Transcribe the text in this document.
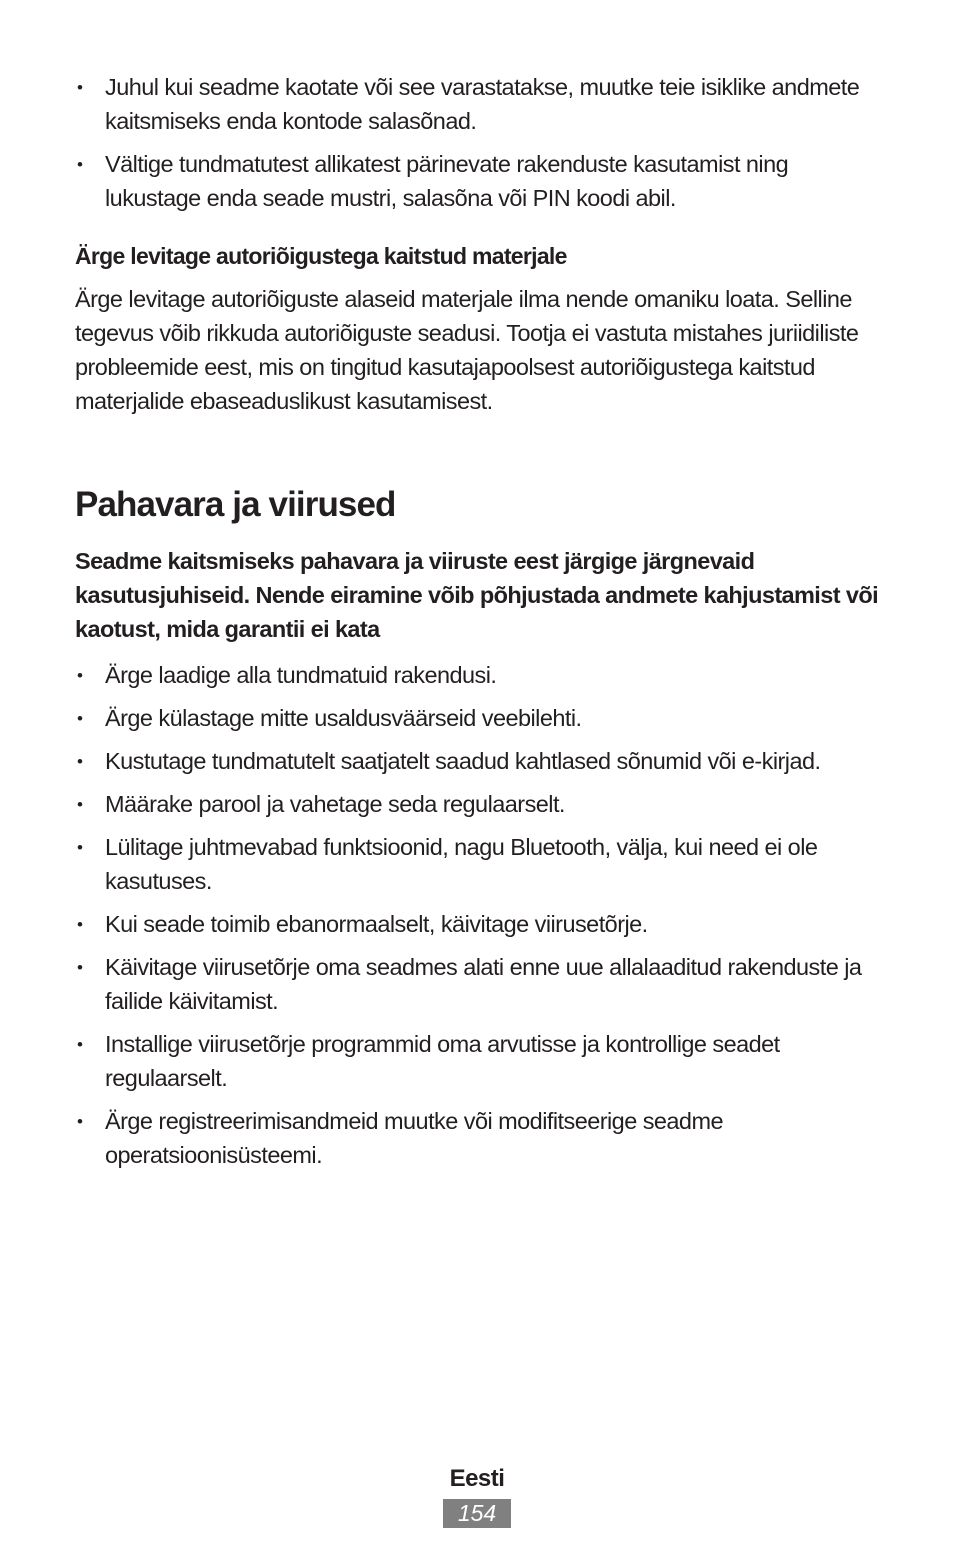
• Juhul kui seadme kaotate või see varastatakse, muutke teie isiklike andmete kaitsmiseks enda kontode salasõnad.
• Vältige tundmatutest allikatest pärinevate rakenduste kasutamist ning lukustage enda seade mustri, salasõna või PIN koodi abil.
Ärge levitage autoriõigustega kaitstud materjale

Ärge levitage autoriõiguste alaseid materjale ilma nende omaniku loata. Selline tegevus võib rikkuda autoriõiguste seadusi. Tootja ei vastuta mistahes juriidiliste probleemide eest, mis on tingitud kasutajapoolsest autoriõigustega kaitstud materjalide ebaseaduslikust kasutamisest.

Pahavara ja viirused

Seadme kaitsmiseks pahavara ja viiruste eest järgige järgnevaid kasutusjuhiseid. Nende eiramine võib põhjustada andmete kahjustamist või kaotust, mida garantii ei kata

• Ärge laadige alla tundmatuid rakendusi.
• Ärge külastage mitte usaldusväärseid veebilehti.
• Kustutage tundmatutelt saatjatelt saadud kahtlased sõnumid või e-kirjad.
• Määrake parool ja vahetage seda regulaarselt.
• Lülitage juhtmevabad funktsioonid, nagu Bluetooth, välja, kui need ei ole kasutuses.
• Kui seade toimib ebanormaalselt, käivitage viirusetõrje.
• Käivitage viirusetõrje oma seadmes alati enne uue allalaaditud rakenduste ja failide käivitamist.
• Installige viirusetõrje programmid oma arvutisse ja kontrollige seadet regulaarselt.
• Ärge registreerimisandmeid muutke või modifitseerige seadme operatsioonisüsteemi.
Eesti
154
